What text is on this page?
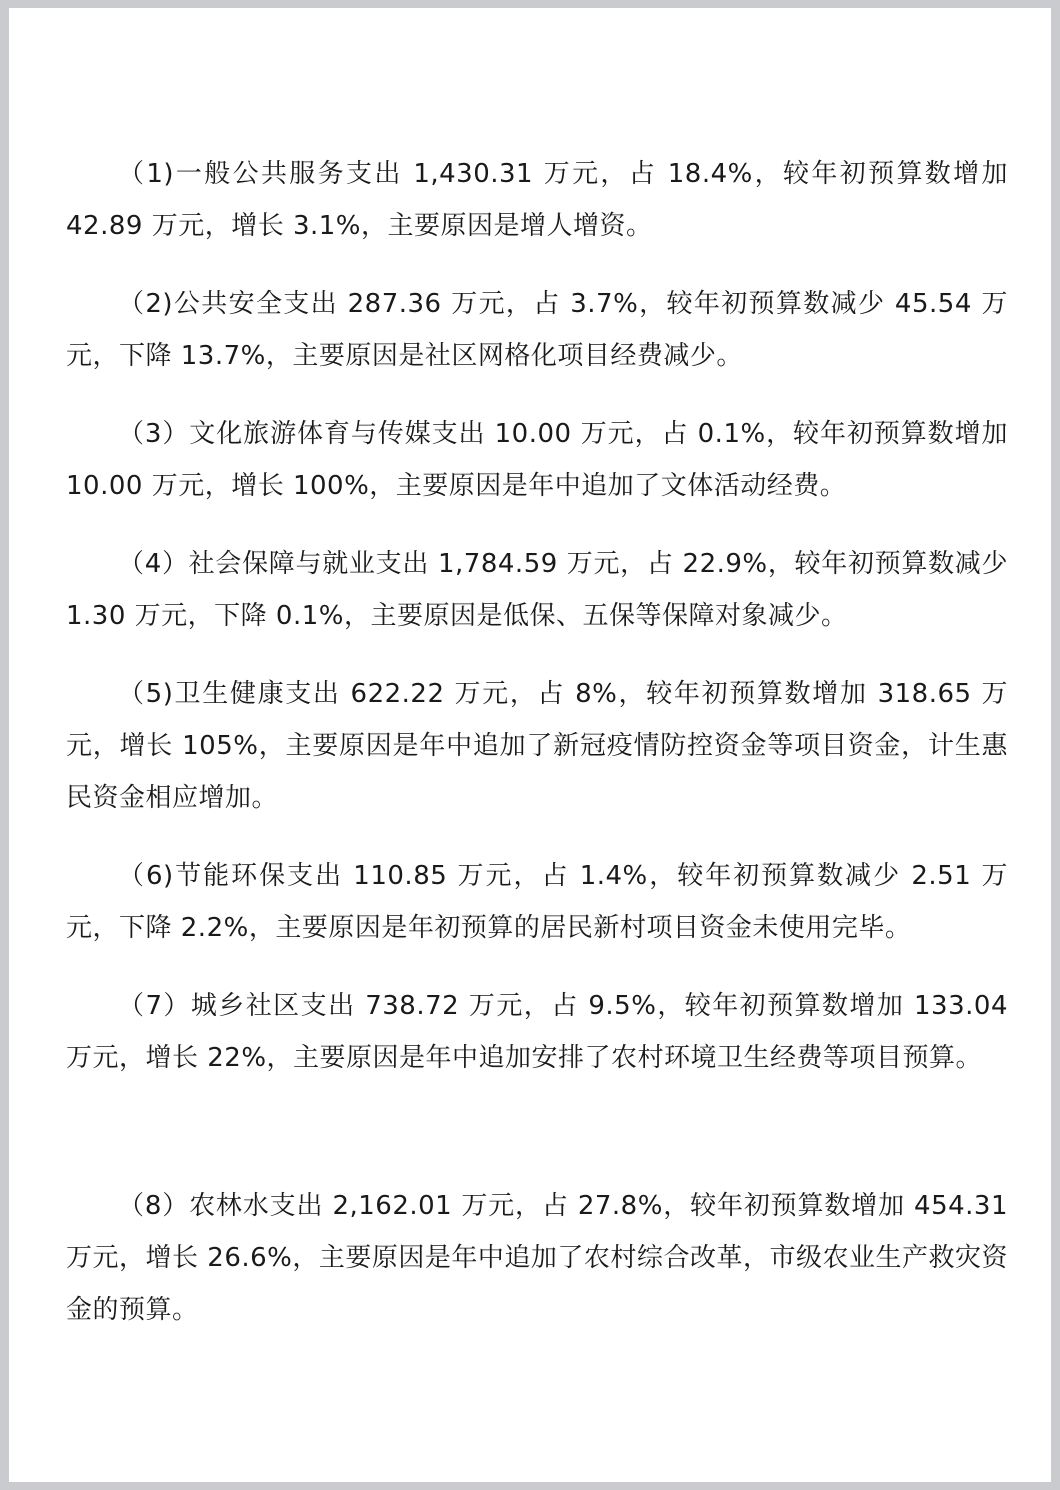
（1)一般公共服务支出 1,430.31 万元，占 18.4%，较年初预算数增加 42.89 万元，增长 3.1%，主要原因是增人增资。

（2)公共安全支出 287.36 万元，占 3.7%，较年初预算数减少 45.54 万元，下降 13.7%，主要原因是社区网格化项目经费减少。

（3）文化旅游体育与传媒支出 10.00 万元，占 0.1%，较年初预算数增加 10.00 万元，增长 100%，主要原因是年中追加了文体活动经费。

（4）社会保障与就业支出 1,784.59 万元，占 22.9%，较年初预算数减少 1.30 万元，下降 0.1%，主要原因是低保、五保等保障对象减少。

（5)卫生健康支出 622.22 万元，占 8%，较年初预算数增加 318.65 万元，增长 105%，主要原因是年中追加了新冠疫情防控资金等项目资金，计生惠民资金相应增加。

（6)节能环保支出 110.85 万元，占 1.4%，较年初预算数减少 2.51 万元，下降 2.2%，主要原因是年初预算的居民新村项目资金未使用完毕。

（7）城乡社区支出 738.72 万元，占 9.5%，较年初预算数增加 133.04 万元，增长 22%，主要原因是年中追加安排了农村环境卫生经费等项目预算。

（8）农林水支出 2,162.01 万元，占 27.8%，较年初预算数增加 454.31 万元，增长 26.6%，主要原因是年中追加了农村综合改革，市级农业生产救灾资金的预算。
